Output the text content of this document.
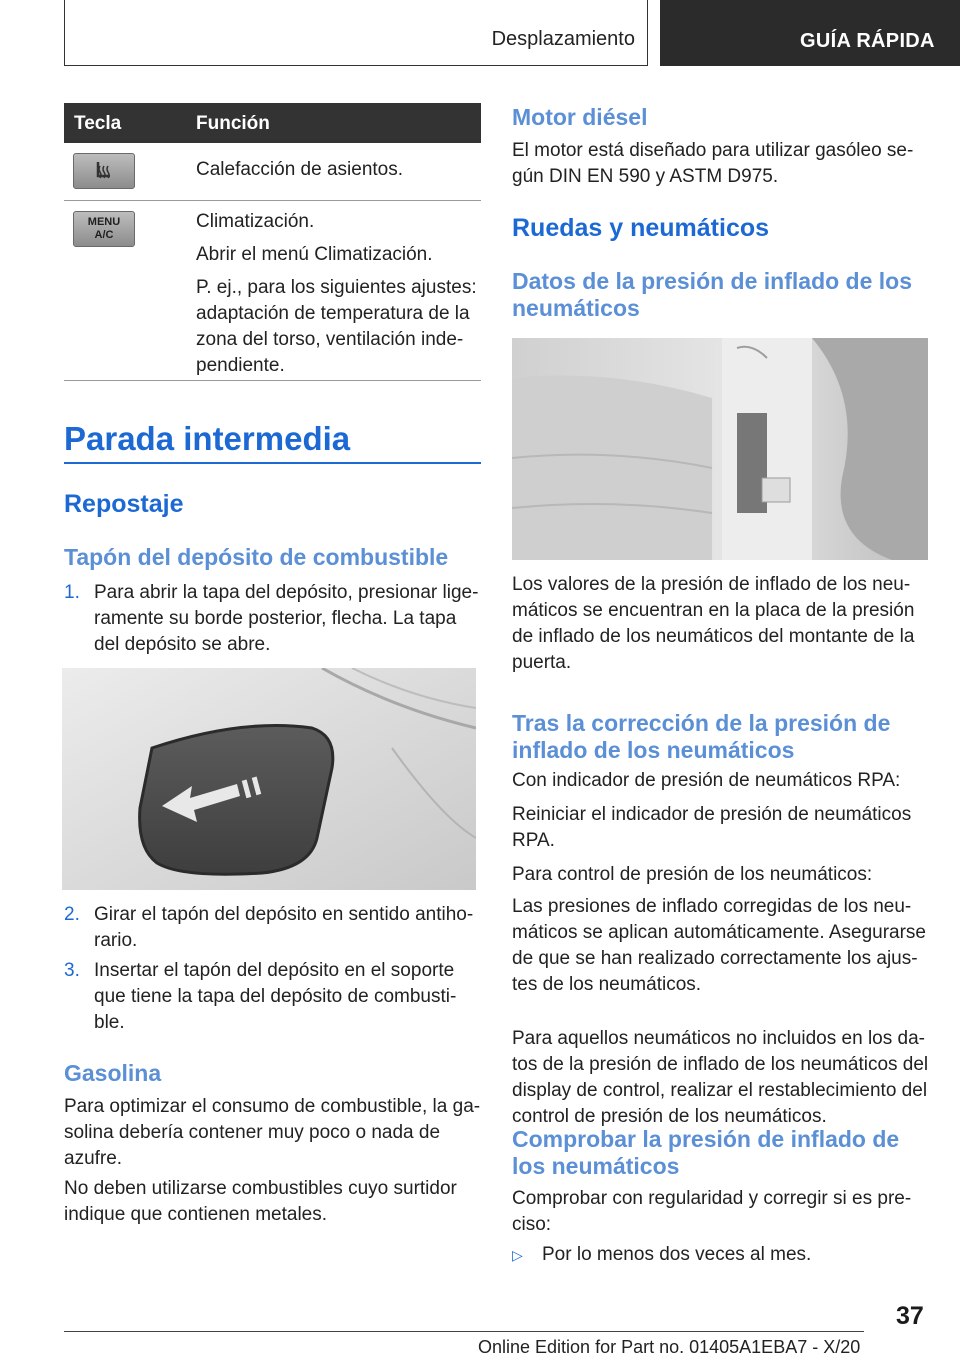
Desplazamiento	GUÍA RÁPIDA
Tecla	Función

Calefacción de asientos.

MENU
A/C

Climatización.

Abrir el menú Climatización.

P. ej., para los siguientes ajustes: adaptación de temperatura de la zona del torso, ventilación inde-pendiente.

Parada intermedia
Repostaje
Tapón del depósito de combustible
1. Para abrir la tapa del depósito, presionar lige-ramente su borde posterior, flecha. La tapa del depósito se abre.
2. Girar el tapón del depósito en sentido antiho-rario.
3. Insertar el tapón del depósito en el soporte que tiene la tapa del depósito de combusti-ble.
Gasolina
Para optimizar el consumo de combustible, la ga-solina debería contener muy poco o nada de azufre.
No deben utilizarse combustibles cuyo surtidor indique que contienen metales.
Motor diésel
El motor está diseñado para utilizar gasóleo se-gún DIN EN 590 y ASTM D975.
Ruedas y neumáticos
Datos de la presión de inflado de los neumáticos
Los valores de la presión de inflado de los neu-máticos se encuentran en la placa de la presión de inflado de los neumáticos del montante de la puerta.
Tras la corrección de la presión de inflado de los neumáticos
Con indicador de presión de neumáticos RPA:
Reiniciar el indicador de presión de neumáticos RPA.
Para control de presión de los neumáticos:
Las presiones de inflado corregidas de los neu-máticos se aplican automáticamente. Asegurarse de que se han realizado correctamente los ajus-tes de los neumáticos.
Para aquellos neumáticos no incluidos en los da-tos de la presión de inflado de los neumáticos del display de control, realizar el restablecimiento del control de presión de los neumáticos.
Comprobar la presión de inflado de los neumáticos
Comprobar con regularidad y corregir si es pre-ciso:
▷ Por lo menos dos veces al mes.
37
Online Edition for Part no. 01405A1EBA7 - X/20
